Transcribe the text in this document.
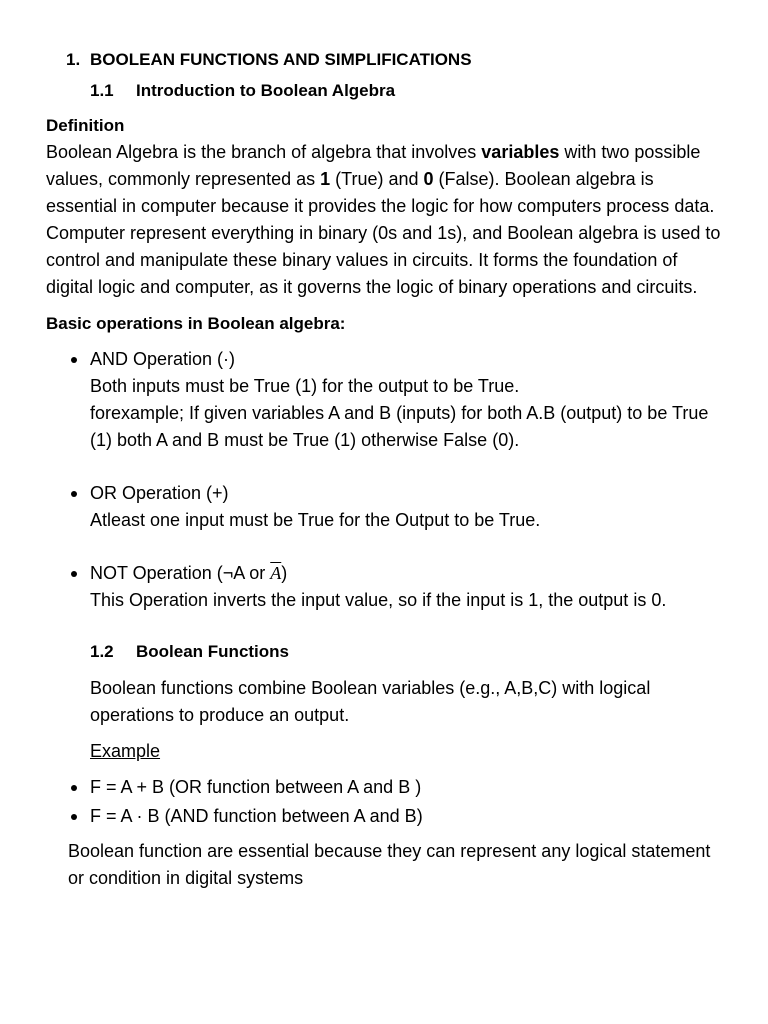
1. BOOLEAN FUNCTIONS AND SIMPLIFICATIONS
1.1 Introduction to Boolean Algebra
Definition

Boolean Algebra is the branch of algebra that involves variables with two possible values, commonly represented as 1 (True) and 0 (False). Boolean algebra is essential in computer because it provides the logic for how computers process data. Computer represent everything in binary (0s and 1s), and Boolean algebra is used to control and manipulate these binary values in circuits. It forms the foundation of digital logic and computer, as it governs the logic of binary operations and circuits.

Basic operations in Boolean algebra:
AND Operation (·)
Both inputs must be True (1) for the output to be True.
forexample; If given variables A and B (inputs) for both A.B (output) to be True (1) both A and B must be True (1) otherwise False (0).
OR Operation (+)
Atleast one input must be True for the Output to be True.
NOT Operation (¬A or $\overline{A}$)
This Operation inverts the input value, so if the input is 1, the output is 0.
1.2 Boolean Functions

Boolean functions combine Boolean variables (e.g., A,B,C) with logical operations to produce an output.

Example

F = A + B (OR function between A and B )
F = A · B (AND function between A and B)

Boolean function are essential because they can represent any logical statement or condition in digital systems
